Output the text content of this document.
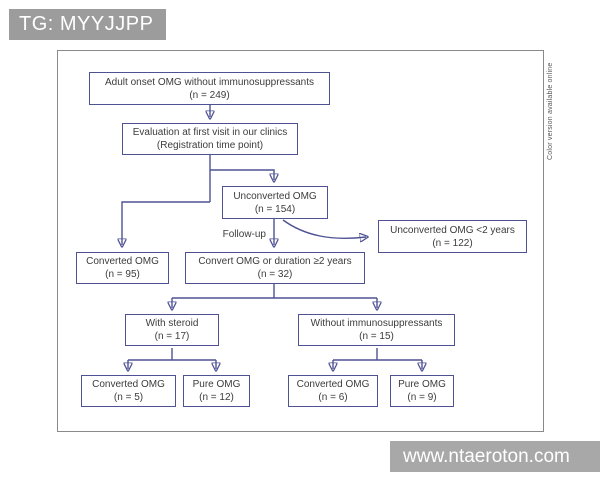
Color version available online
Adult onset OMG without immunosuppressants
(n = 249)
Evaluation at first visit in our clinics
(Registration time point)
Unconverted OMG
(n = 154)
Unconverted OMG <2 years
(n = 122)
Converted OMG
(n = 95)
Convert OMG or duration ≥2 years
(n = 32)
With steroid
(n = 17)
Without immunosuppressants
(n = 15)
Converted OMG
(n = 5)
Pure OMG
(n = 12)
Converted OMG
(n = 6)
Pure OMG
(n = 9)
Follow-up
TG: MYYJJPP
www.ntaeroton.com
